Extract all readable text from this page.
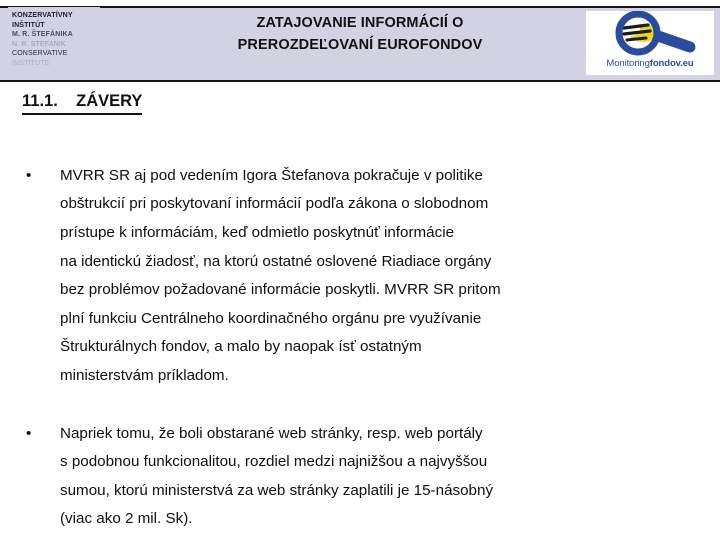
KONZERVATÍVNY
INŠTITÚT
M. R. ŠTEFÁNIKA
N. R. STEFANIK
CONSERVATIVE
INSTITUTE
ZATAJOVANIE INFORMÁCIÍ O
PREROZDEĽOVANÍ EUROFONDOV
Monitoringfondov.eu
11.1.    ZÁVERY
• MVRR SR aj pod vedením Igora Štefanova pokračuje v politike
obštrukcií pri poskytovaní informácií podľa zákona o slobodnom
prístupe k informáciám, keď odmietlo poskytnúť informácie
na identickú žiadosť, na ktorú ostatné oslovené Riadiace orgány
bez problémov požadované informácie poskytli. MVRR SR pritom
plní funkciu Centrálneho koordinačného orgánu pre využívanie
Štrukturálnych fondov, a malo by naopak ísť ostatným
ministerstvám príkladom.
• Napriek tomu, že boli obstarané web stránky, resp. web portály
s podobnou funkcionalitou, rozdiel medzi najnižšou a najvyššou
sumou, ktorú ministerstvá za web stránky zaplatili je 15-násobný
(viac ako 2 mil. Sk).
